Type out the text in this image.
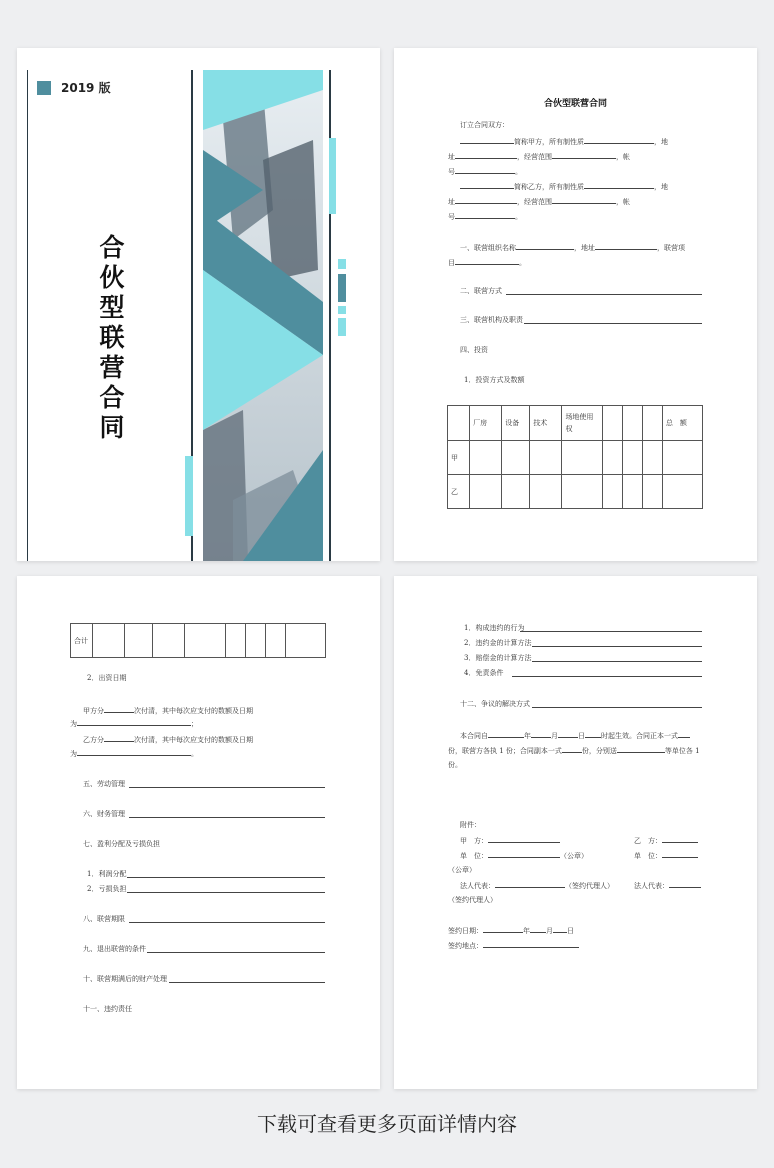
2019 版
合
伙
型
联
营
合
同
合伙型联营合同
订立合同双方：
简称甲方，所有制性质	，地
址	，经营范围	，帐
号	。
简称乙方，所有制性质	，地
址	，经营范围	，帐
号	。
一、联营组织名称	，地址	，联营项
目	。
二、联营方式
三、联营机构及职责
四、投资
1．投资方式及数额
	厂房	设备	技术	场地使用权				总　额
甲								
乙								
合计								
2．出资日期
甲方分	次付清，其中每次应支付的数额及日期
为	；
乙方分	次付清，其中每次应支付的数额及日期
为	。
五、劳动管理
六、财务管理
七、盈利分配及亏损负担
1．利润分配
2．亏损负担
八、联营期限
九、退出联营的条件
十、联营期满后的财产处理
十一、违约责任
1．构成违约的行为
2．违约金的计算方法
3．赔偿金的计算方法
4．免责条件
十二、争议的解决方式
本合同自	年	月	日 时起生效。合同正本一式
份，联营方各执 1 份；合同副本一式	份，分别送	等单位各 1
份。
附件：
甲　方：	乙　方：
单　位：	（公章）	单　位：
（公章）
法人代表：	（签约代理人）	法人代表：
（签约代理人）
签约日期：	年 月 日
签约地点：
下载可查看更多页面详情内容
